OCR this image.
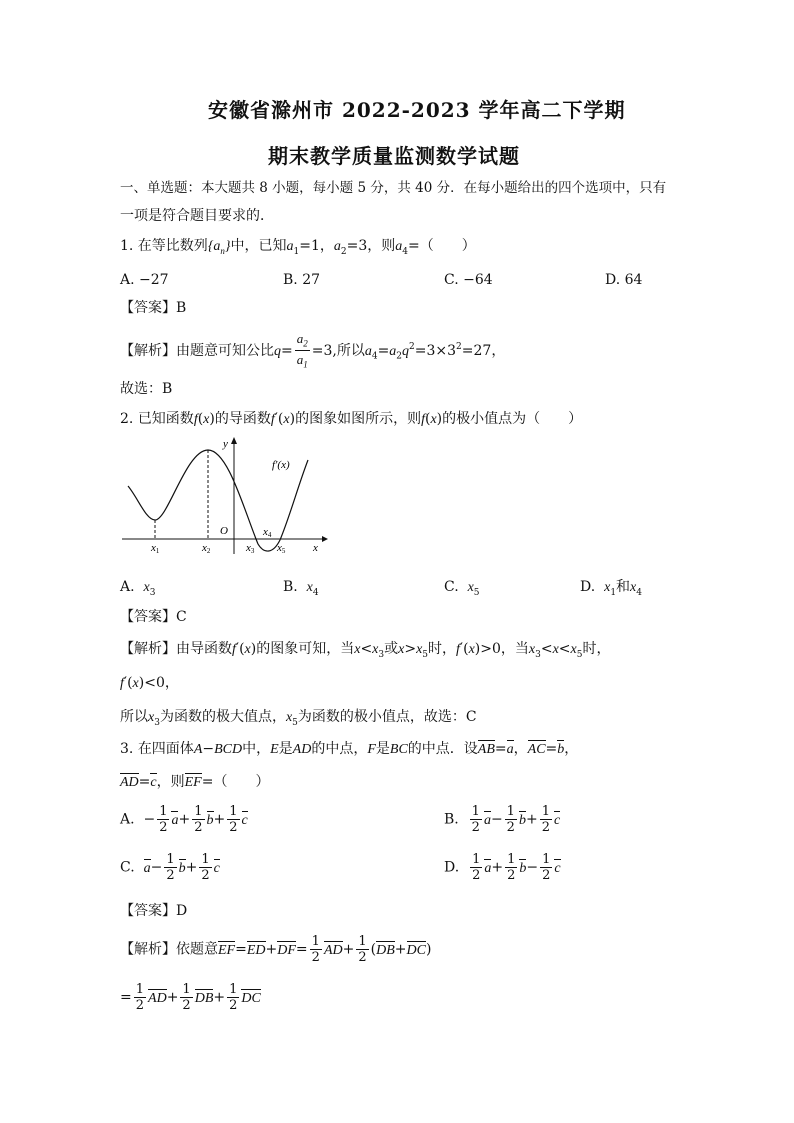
安徽省滁州市 2022-2023 学年高二下学期
期末教学质量监测数学试题
一、单选题：本大题共 8 小题，每小题 5 分，共 40 分．在每小题给出的四个选项中，只有
一项是符合题目要求的．
1. 在等比数列$\{a_n\}$中，已知$a_1=1$，$a_2=3$，则$a_4=$（　　）
A. −27	B. 27	C. −64	D. 64
【答案】B
【解析】由题意可知公比$q= \frac{a_2}{a_1} =3$,所以$a_4=a_2q^2=3\times 3^2=27$，
故选：B
2. 已知函数f(x)的导函数f′(x)的图象如图所示，则f(x)的极小值点为（　　）
y
f'(x)
O
x
x1	x2	x3
x4
x5
A. $x_3$	B. $x_4$	C. $x_5$	D. $x_1$和$x_4$
【答案】C
【解析】由导函数f′(x)的图象可知，当$x<x_3$或$x>x_5$时，f′(x)>0，当$x_3<x<x_5$时，
f′(x)<0，
所以$x_3$为函数的极大值点，$x_5$为函数的极小值点，故选：C
3. 在四面体A−BCD中，E是AD的中点，F是BC的中点．设AB=a，AC=b，
AD=c，则EF=（　　）
A.  − $\frac{1}{2} a+ \frac{1}{2} b+ \frac{1}{2}$ c	B. $\frac{1}{2} a- \frac{1}{2} b+ \frac{1}{2}$ c
C. $a- \frac{1}{2} b+ \frac{1}{2}$ c	D. $\frac{1}{2} a+ \frac{1}{2} b- \frac{1}{2}$ c
【答案】D
【解析】依题意$EF=ED+DF= \frac{1}{2} AD+ \frac{1}{2} (DB+DC)$
= $\frac{1}{2} AD+ \frac{1}{2} DB+ \frac{1}{2}$ DC
